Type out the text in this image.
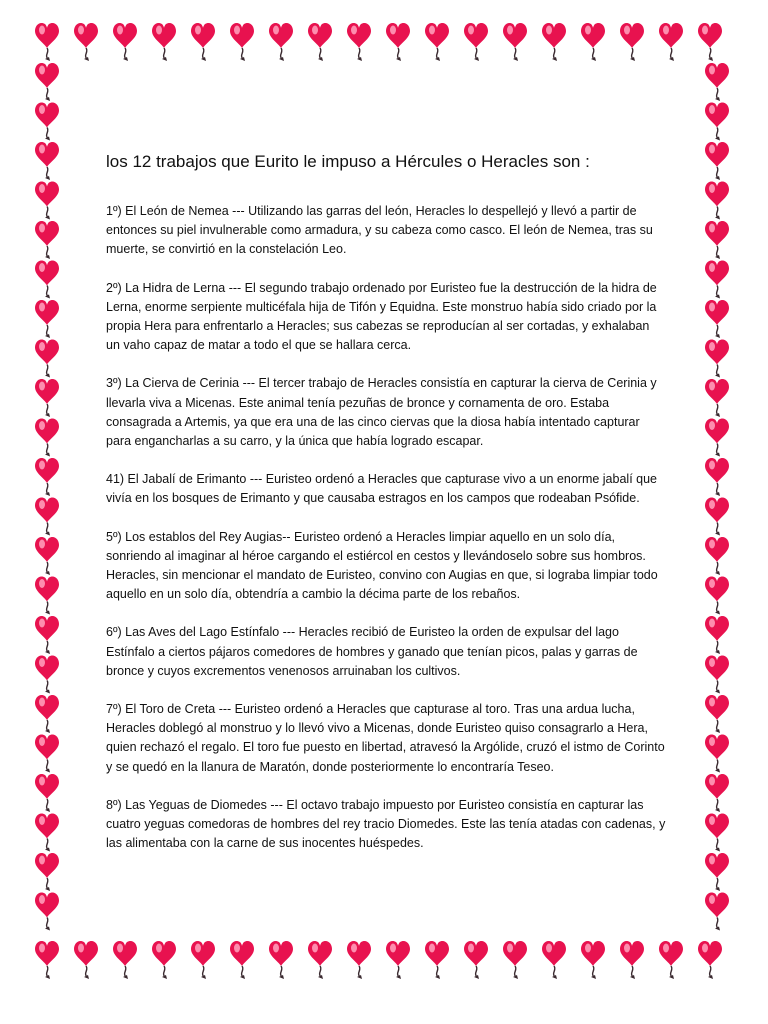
los 12 trabajos que Eurito le impuso a Hércules o Heracles son :
1º) El León de Nemea --- Utilizando las garras del león, Heracles lo despellejó y llevó a partir de entonces su piel invulnerable como armadura, y su cabeza como casco. El león de Nemea, tras su muerte, se convirtió en la constelación Leo.
2º) La Hidra de Lerna --- El segundo trabajo ordenado por Euristeo fue la destrucción de la hidra de Lerna, enorme serpiente multicéfala hija de Tifón y Equidna. Este monstruo había sido criado por la propia Hera para enfrentarlo a Heracles; sus cabezas se reproducían al ser cortadas, y exhalaban un vaho capaz de matar a todo el que se hallara cerca.
3º) La Cierva de Cerinia --- El tercer trabajo de Heracles consistía en capturar la cierva de Cerinia y llevarla viva a Micenas. Este animal tenía pezuñas de bronce y cornamenta de oro. Estaba consagrada a Artemis, ya que era una de las cinco ciervas que la diosa había intentado capturar para engancharlas a su carro, y la única que había logrado escapar.
41) El Jabalí de Erimanto --- Euristeo ordenó a Heracles que capturase vivo a un enorme jabalí que vivía en los bosques de Erimanto y que causaba estragos en los campos que rodeaban Psófide.
5º) Los establos del Rey Augias-- Euristeo ordenó a Heracles limpiar aquello en un solo día, sonriendo al imaginar al héroe cargando el estiércol en cestos y llevándoselo sobre sus hombros. Heracles, sin mencionar el mandato de Euristeo, convino con Augias en que, si lograba limpiar todo aquello en un solo día, obtendría a cambio la décima parte de los rebaños.
6º) Las Aves del Lago Estínfalo --- Heracles recibió de Euristeo la orden de expulsar del lago Estínfalo a ciertos pájaros comedores de hombres y ganado que tenían picos, palas y garras de bronce y cuyos excrementos venenosos arruinaban los cultivos.
7º) El Toro de Creta --- Euristeo ordenó a Heracles que capturase al toro. Tras una ardua lucha, Heracles doblegó al monstruo y lo llevó vivo a Micenas, donde Euristeo quiso consagrarlo a Hera, quien rechazó el regalo. El toro fue puesto en libertad, atravesó la Argólide, cruzó el istmo de Corinto y se quedó en la llanura de Maratón, donde posteriormente lo encontraría Teseo.
8º) Las Yeguas de Diomedes --- El octavo trabajo impuesto por Euristeo consistía en capturar las cuatro yeguas comedoras de hombres del rey tracio Diomedes. Este las tenía atadas con cadenas, y las alimentaba con la carne de sus inocentes huéspedes.
